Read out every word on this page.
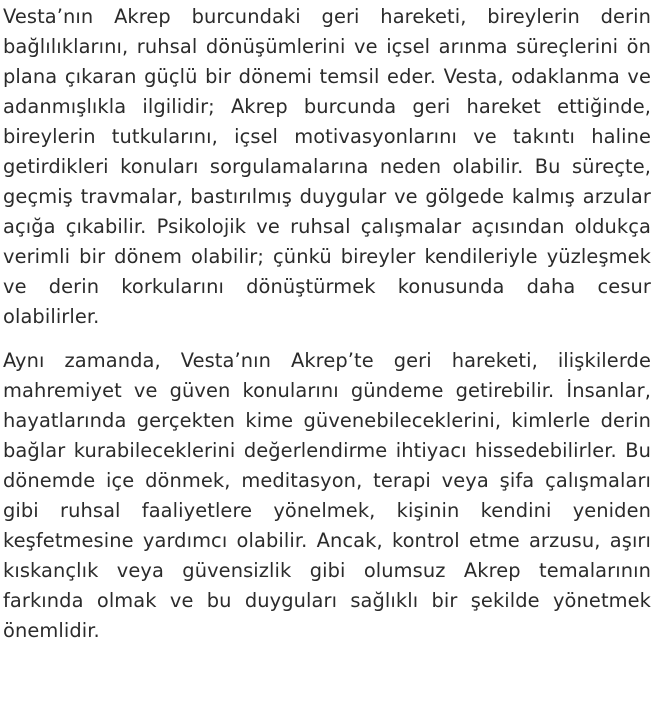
Vesta’nın Akrep burcundaki geri hareketi, bireylerin derin bağlılıklarını, ruhsal dönüşümlerini ve içsel arınma süreçlerini ön plana çıkaran güçlü bir dönemi temsil eder. Vesta, odaklanma ve adanmışlıkla ilgilidir; Akrep burcunda geri hareket ettiğinde, bireylerin tutkularını, içsel motivasyonlarını ve takıntı haline getirdikleri konuları sorgulamalarına neden olabilir. Bu süreçte, geçmiş travmalar, bastırılmış duygular ve gölgede kalmış arzular açığa çıkabilir. Psikolojik ve ruhsal çalışmalar açısından oldukça verimli bir dönem olabilir; çünkü bireyler kendileriyle yüzleşmek ve derin korkularını dönüştürmek konusunda daha cesur olabilirler.

Aynı zamanda, Vesta’nın Akrep’te geri hareketi, ilişkilerde mahremiyet ve güven konularını gündeme getirebilir. İnsanlar, hayatlarında gerçekten kime güvenebileceklerini, kimlerle derin bağlar kurabileceklerini değerlendirme ihtiyacı hissedebilirler. Bu dönemde içe dönmek, meditasyon, terapi veya şifa çalışmaları gibi ruhsal faaliyetlere yönelmek, kişinin kendini yeniden keşfetmesine yardımcı olabilir. Ancak, kontrol etme arzusu, aşırı kıskançlık veya güvensizlik gibi olumsuz Akrep temalarının farkında olmak ve bu duyguları sağlıklı bir şekilde yönetmek önemlidir.
